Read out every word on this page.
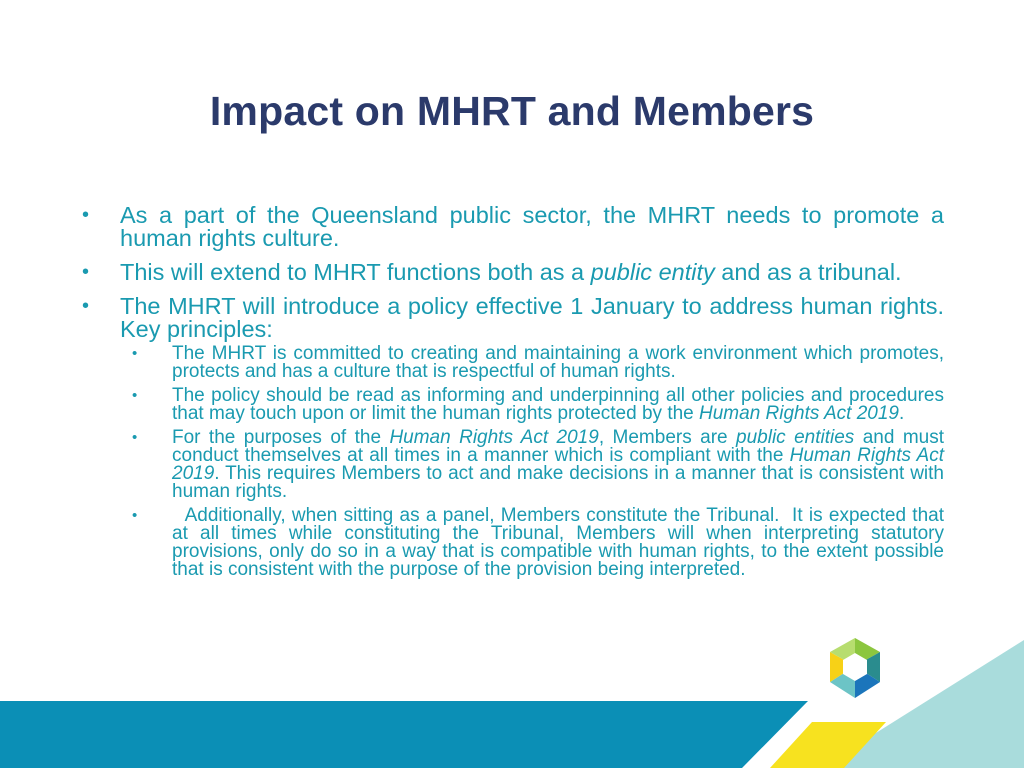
Impact on MHRT and Members
• As a part of the Queensland public sector, the MHRT needs to promote a human rights culture.
• This will extend to MHRT functions both as a public entity and as a tribunal.
• The MHRT will introduce a policy effective 1 January to address human rights. Key principles:
• The MHRT is committed to creating and maintaining a work environment which promotes, protects and has a culture that is respectful of human rights.
• The policy should be read as informing and underpinning all other policies and procedures that may touch upon or limit the human rights protected by the Human Rights Act 2019.
• For the purposes of the Human Rights Act 2019, Members are public entities and must conduct themselves at all times in a manner which is compliant with the Human Rights Act 2019. This requires Members to act and make decisions in a manner that is consistent with human rights.
• Additionally, when sitting as a panel, Members constitute the Tribunal.  It is expected that at all times while constituting the Tribunal, Members will when interpreting statutory provisions, only do so in a way that is compatible with human rights, to the extent possible that is consistent with the purpose of the provision being interpreted.
